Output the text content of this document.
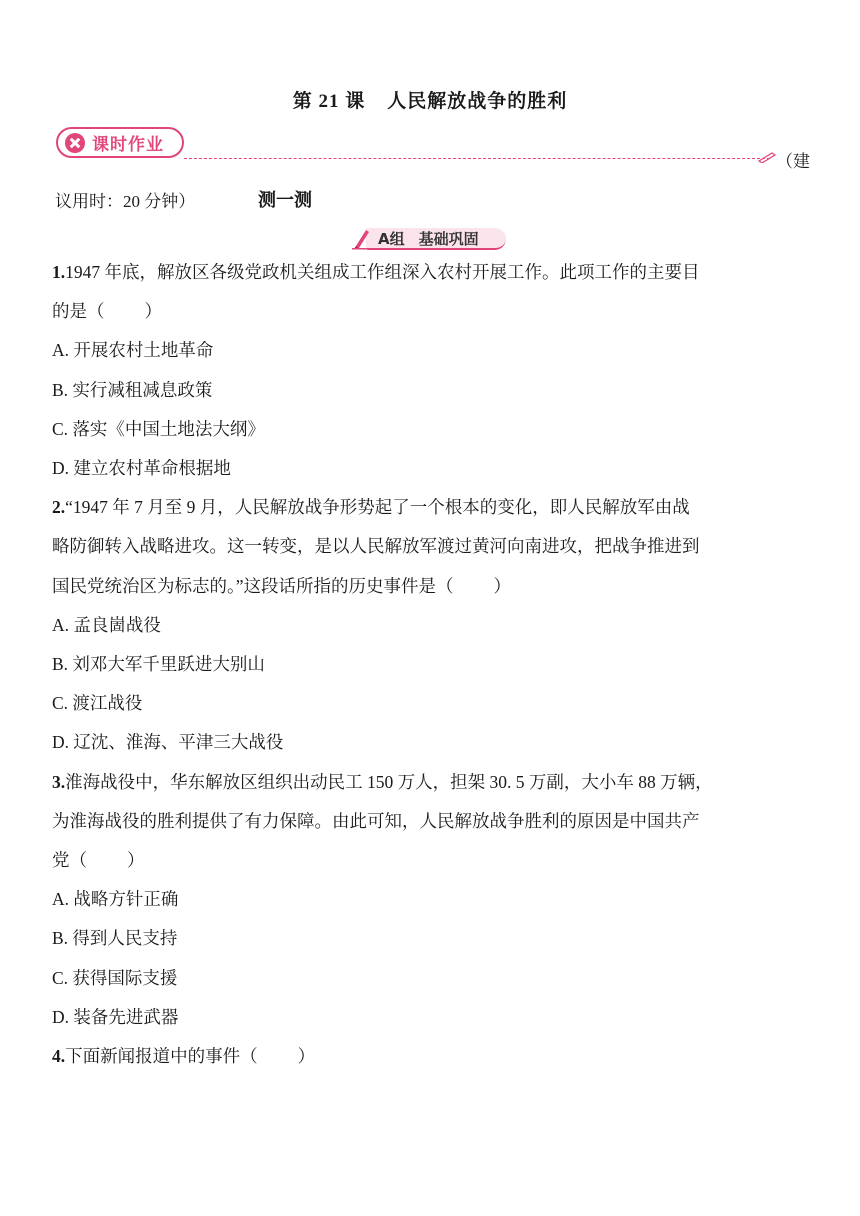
第 21 课 人民解放战争的胜利
课时作业
（建
议用时：20 分钟）	测一测
A组 基础巩固
1.1947 年底，解放区各级党政机关组成工作组深入农村开展工作。此项工作的主要目
的是（ ）
A. 开展农村土地革命
B. 实行减租减息政策
C. 落实《中国土地法大纲》
D. 建立农村革命根据地
2.“1947 年 7 月至 9 月，人民解放战争形势起了一个根本的变化，即人民解放军由战
略防御转入战略进攻。这一转变，是以人民解放军渡过黄河向南进攻，把战争推进到
国民党统治区为标志的。”这段话所指的历史事件是（ ）
A. 孟良崮战役
B. 刘邓大军千里跃进大别山
C. 渡江战役
D. 辽沈、淮海、平津三大战役
3.淮海战役中，华东解放区组织出动民工 150 万人，担架 30. 5 万副，大小车 88 万辆，
为淮海战役的胜利提供了有力保障。由此可知，人民解放战争胜利的原因是中国共产
党（ ）
A. 战略方针正确
B. 得到人民支持
C. 获得国际支援
D. 装备先进武器
4.下面新闻报道中的事件（ ）
